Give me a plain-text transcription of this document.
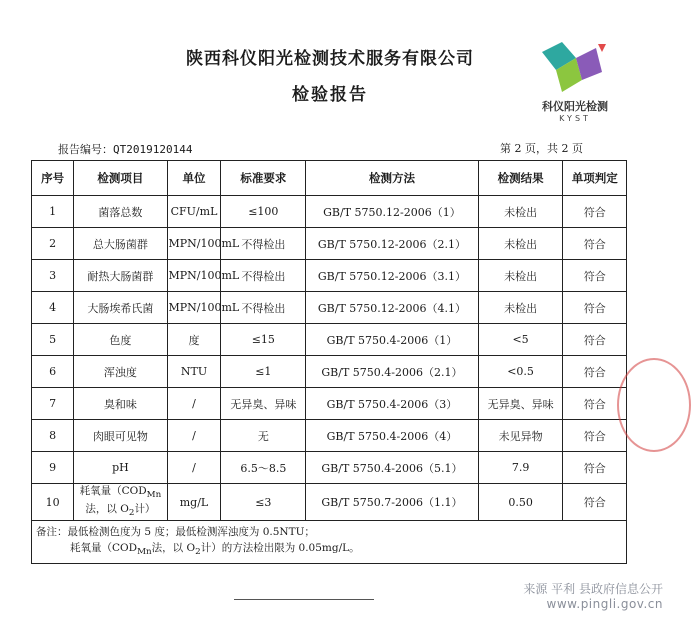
陕西科仪阳光检测技术服务有限公司
检验报告
科仪阳光检测
KYST
报告编号：QT2019120144	第 2 页，共 2 页
序号	检测项目	单位	标准要求	检测方法	检测结果	单项判定
1	菌落总数	CFU/mL	≤100	GB/T 5750.12-2006（1）	未检出	符合
2	总大肠菌群	MPN/100mL	不得检出	GB/T 5750.12-2006（2.1）	未检出	符合
3	耐热大肠菌群	MPN/100mL	不得检出	GB/T 5750.12-2006（3.1）	未检出	符合
4	大肠埃希氏菌	MPN/100mL	不得检出	GB/T 5750.12-2006（4.1）	未检出	符合
5	色度	度	≤15	GB/T 5750.4-2006（1）	<5	符合
6	浑浊度	NTU	≤1	GB/T 5750.4-2006（2.1）	<0.5	符合
7	臭和味	/	无异臭、异味	GB/T 5750.4-2006（3）	无异臭、异味	符合
8	肉眼可见物	/	无	GB/T 5750.4-2006（4）	未见异物	符合
9	pH	/	6.5～8.5	GB/T 5750.4-2006（5.1）	7.9	符合
10	耗氧量（$COD_{Mn}$法，以 $O_2$计）	mg/L	≤3	GB/T 5750.7-2006（1.1）	0.50	符合

备注：最低检测色度为 5 度；最低检测浑浊度为 0.5NTU；
耗氧量（$COD_{Mn}$法，以 $O_2$计）的方法检出限为 0.05mg/L。						
来源 平利 县政府信息公开
www.pingli.gov.cn
